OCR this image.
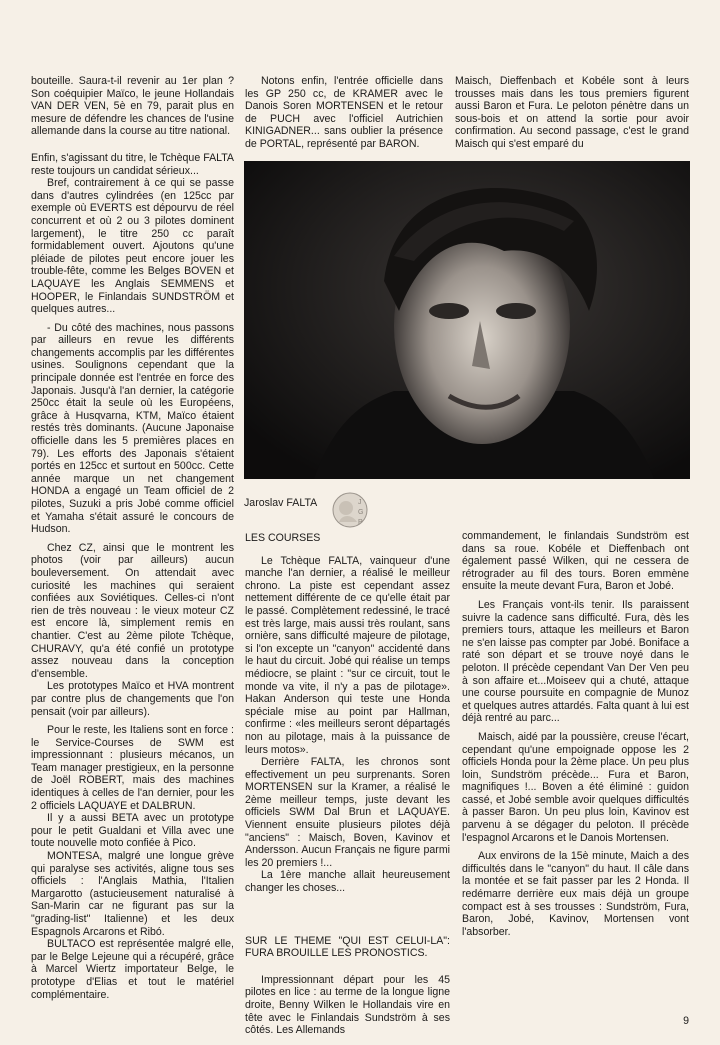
bouteille. Saura-t-il revenir au 1er plan ? Son coéquipier Maïco, le jeune Hollandais VAN DER VEN, 5è en 79, parait plus en mesure de défendre les chances de l'usine allemande dans la course au titre national.

Enfin, s'agissant du titre, le Tchèque FALTA reste toujours un candidat sérieux...

Bref, contrairement à ce qui se passe dans d'autres cylindrées (en 125cc par exemple où EVERTS est dépourvu de réel concurrent et où 2 ou 3 pilotes dominent largement), le titre 250 cc paraît formidablement ouvert. Ajoutons qu'une pléiade de pilotes peut encore jouer les trouble-fête, comme les Belges BOVEN et LAQUAYE les Anglais SEMMENS et HOOPER, le Finlandais SUNDSTRÖM et quelques autres...

- Du côté des machines, nous passons par ailleurs en revue les différents changements accomplis par les différentes usines. Soulignons cependant que la principale donnée est l'entrée en force des Japonais. Jusqu'à l'an dernier, la catégorie 250cc était la seule où les Européens, grâce à Husqvarna, KTM, Maïco étaient restés très dominants. (Aucune Japonaise officielle dans les 5 premières places en 79). Les efforts des Japonais s'étaient portés en 125cc et surtout en 500cc. Cette année marque un net changement HONDA a engagé un Team officiel de 2 pilotes, Suzuki a pris Jobé comme officiel et Yamaha s'était assuré le concours de Hudson.

Chez CZ, ainsi que le montrent les photos (voir par ailleurs) aucun bouleversement. On attendait avec curiosité les machines qui seraient confiées aux Soviétiques. Celles-ci n'ont rien de très nouveau : le vieux moteur CZ est encore là, simplement remis en chantier. C'est au 2ème pilote Tchèque, CHURAVY, qu'a été confié un prototype assez nouveau dans la conception d'ensemble.

Les prototypes Maïco et HVA montrent par contre plus de changements que l'on pensait (voir par ailleurs).

Pour le reste, les Italiens sont en force : le Service-Courses de SWM est impressionnant : plusieurs mécanos, un Team manager prestigieux, en la personne de Joël ROBERT, mais des machines identiques à celles de l'an dernier, pour les 2 officiels LAQUAYE et DALBRUN.

Il y a aussi BETA avec un prototype pour le petit Gualdani et Villa avec une toute nouvelle moto confiée à Pico.

MONTESA, malgré une longue grève qui paralyse ses activités, aligne tous ses officiels : l'Anglais Mathia, l'Italien Margarotto (astucieusement naturalisé à San-Marin car ne figurant pas sur la "grading-list" Italienne) et les deux Espagnols Arcarons et Ribó.

BULTACO est représentée malgré elle, par le Belge Lejeune qui a récupéré, grâce à Marcel Wiertz importateur Belge, le prototype d'Elias et tout le matériel complémentaire.

Notons enfin, l'entrée officielle dans les GP 250 cc, de KRAMER avec le Danois Soren MORTENSEN et le retour de PUCH avec l'officiel Autrichien KINIGADNER... sans oublier la présence de PORTAL, représenté par BARON.

Maisch, Dieffenbach et Kobéle sont à leurs trousses mais dans les tous premiers figurent aussi Baron et Fura. Le peloton pénètre dans un sous-bois et on attend la sortie pour avoir confirmation. Au second passage, c'est le grand Maisch qui s'est emparé du

Jaroslav FALTA	J
G
P
LES COURSES

Le Tchèque FALTA, vainqueur d'une manche l'an dernier, a réalisé le meilleur chrono. La piste est cependant assez nettement différente de ce qu'elle était par le passé. Complètement redessiné, le tracé est très large, mais aussi très roulant, sans ornière, sans difficulté majeure de pilotage, si l'on excepte un "canyon" accidenté dans le haut du circuit. Jobé qui réalise un temps médiocre, se plaint : "sur ce circuit, tout le monde va vite, il n'y a pas de pilotage». Hakan Anderson qui teste une Honda spéciale mise au point par Hallman, confirme : «les meilleurs seront départagés non au pilotage, mais à la puissance de leurs motos».

Derrière FALTA, les chronos sont effectivement un peu surprenants. Soren MORTENSEN sur la Kramer, a réalisé le 2ème meilleur temps, juste devant les officiels SWM Dal Brun et LAQUAYE. Viennent ensuite plusieurs pilotes déjà "anciens" : Maisch, Boven, Kavinov et Andersson. Aucun Français ne figure parmi les 20 premiers !...

La 1ère manche allait heureusement changer les choses...

SUR LE THEME "QUI EST CELUI-LA": FURA BROUILLE LES PRONOSTICS.

Impressionnant départ pour les 45 pilotes en lice : au terme de la longue ligne droite, Benny Wilken le Hollandais vire en tête avec le Finlandais Sundström à ses côtés. Les Allemands

commandement, le finlandais Sundström est dans sa roue. Kobéle et Dieffenbach ont également passé Wilken, qui ne cessera de rétrograder au fil des tours. Boren emmène ensuite la meute devant Fura, Baron et Jobé.

Les Français vont-ils tenir. Ils paraissent suivre la cadence sans difficulté. Fura, dès les premiers tours, attaque les meilleurs et Baron ne s'en laisse pas compter par Jobé. Boniface a raté son départ et se trouve noyé dans le peloton. Il précède cependant Van Der Ven peu à son affaire et...Moiseev qui a chuté, attaque une course poursuite en compagnie de Munoz et quelques autres attardés. Falta quant à lui est déjà rentré au parc...

Maisch, aidé par la poussière, creuse l'écart, cependant qu'une empoignade oppose les 2 officiels Honda pour la 2ème place. Un peu plus loin, Sundström précède... Fura et Baron, magnifiques !... Boven a été éliminé : guidon cassé, et Jobé semble avoir quelques difficultés à passer Baron. Un peu plus loin, Kavinov est parvenu à se dégager du peloton. Il précède l'espagnol Arcarons et le Danois Mortensen.

Aux environs de la 15è minute, Maich a des difficultés dans le "canyon" du haut. Il câle dans la montée et se fait passer par les 2 Honda. Il redémarre derrière eux mais déjà un groupe compact est à ses trousses : Sundström, Fura, Baron, Jobé, Kavinov, Mortensen vont l'absorber.

9
